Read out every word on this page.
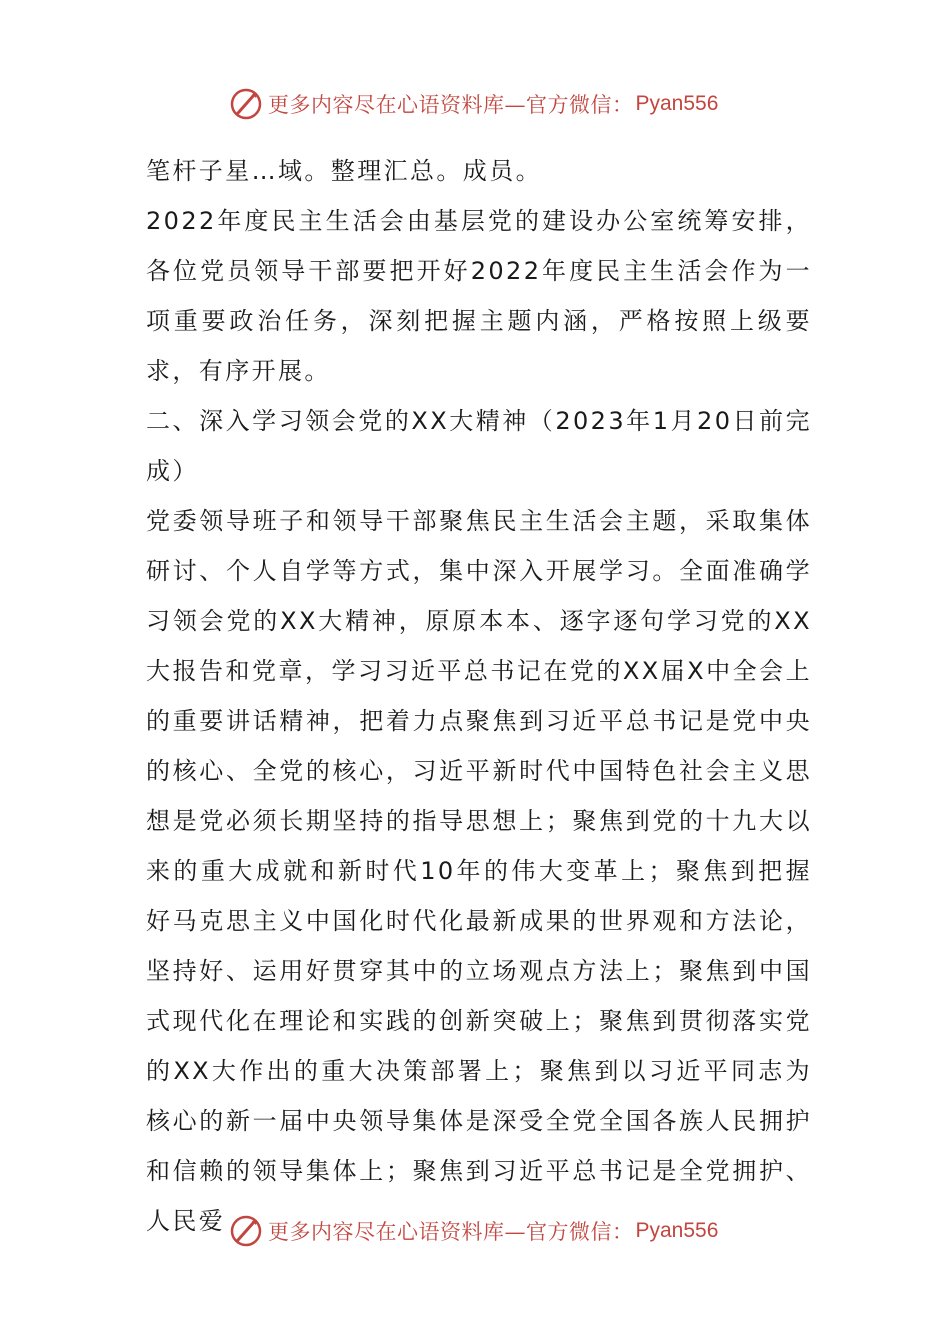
更多内容尽在心语资料库—官方微信： Pyan556

笔杆子星…域。整理汇总。成员。

2022年度民主生活会由基层党的建设办公室统筹安排，各位党员领导干部要把开好2022年度民主生活会作为一项重要政治任务，深刻把握主题内涵，严格按照上级要求，有序开展。

二、深入学习领会党的XX大精神（2023年1月20日前完成）

党委领导班子和领导干部聚焦民主生活会主题，采取集体研讨、个人自学等方式，集中深入开展学习。全面准确学习领会党的XX大精神，原原本本、逐字逐句学习党的XX大报告和党章，学习习近平总书记在党的XX届X中全会上的重要讲话精神，把着力点聚焦到习近平总书记是党中央的核心、全党的核心，习近平新时代中国特色社会主义思想是党必须长期坚持的指导思想上；聚焦到党的十九大以来的重大成就和新时代10年的伟大变革上；聚焦到把握好马克思主义中国化时代化最新成果的世界观和方法论，坚持好、运用好贯穿其中的立场观点方法上；聚焦到中国式现代化在理论和实践的创新突破上；聚焦到贯彻落实党的XX大作出的重大决策部署上；聚焦到以习近平同志为核心的新一届中央领导集体是深受全党全国各族人民拥护和信赖的领导集体上；聚焦到习近平总书记是全党拥护、人民爱	更多内容尽在心语资料库—官方微信： Pyan556
